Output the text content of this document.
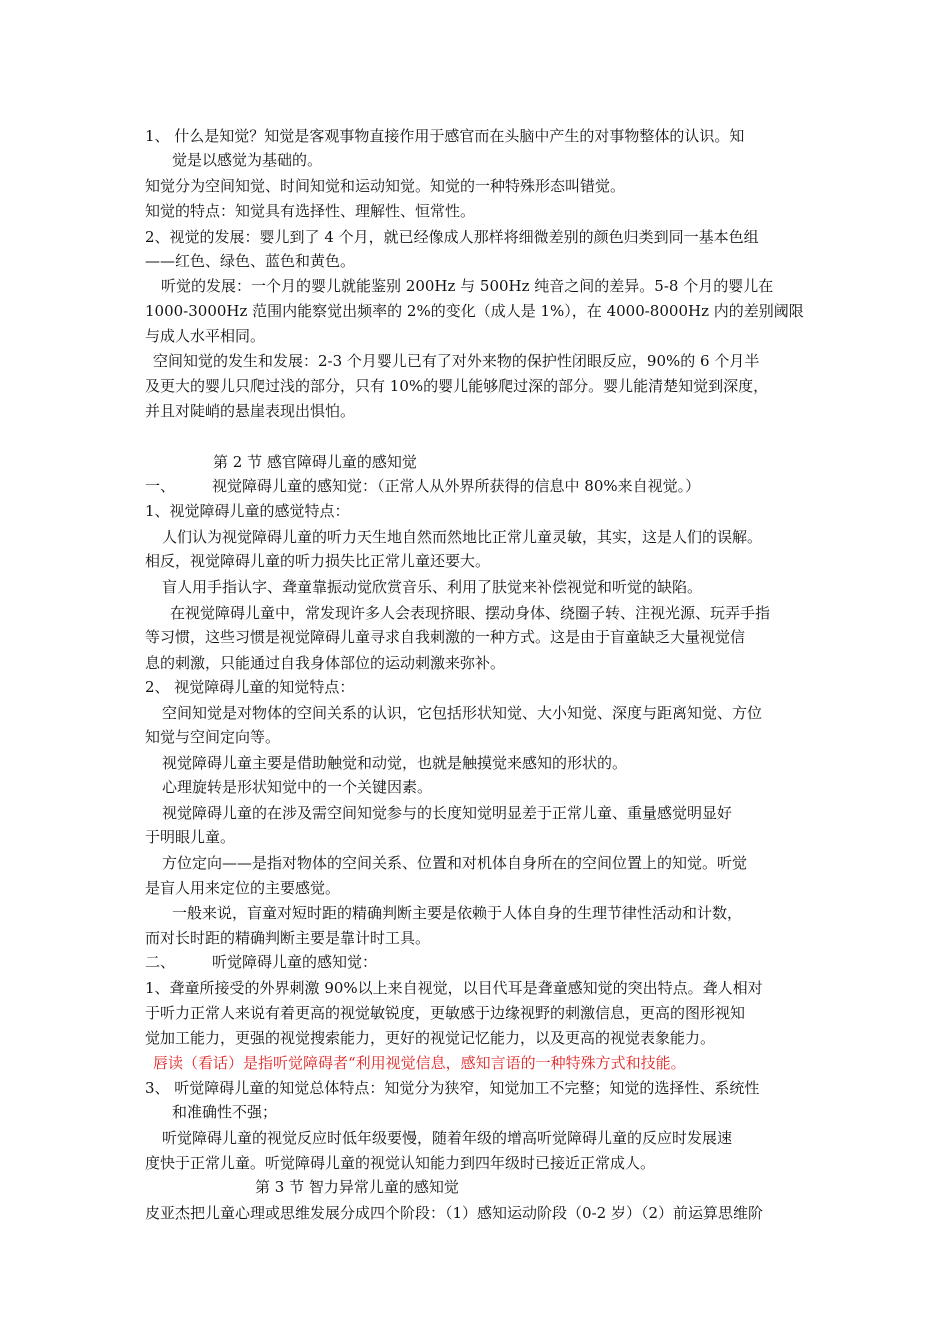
1、 什么是知觉？知觉是客观事物直接作用于感官而在头脑中产生的对事物整体的认识。知
觉是以感觉为基础的。
知觉分为空间知觉、时间知觉和运动知觉。知觉的一种特殊形态叫错觉。
知觉的特点：知觉具有选择性、理解性、恒常性。
2、视觉的发展：婴儿到了 4 个月，就已经像成人那样将细微差别的颜色归类到同一基本色组
——红色、绿色、蓝色和黄色。
听觉的发展：一个月的婴儿就能鉴别 200Hz 与 500Hz 纯音之间的差异。5-8 个月的婴儿在
1000-3000Hz 范围内能察觉出频率的 2%的变化（成人是 1%），在 4000-8000Hz 内的差别阈限
与成人水平相同。
空间知觉的发生和发展：2-3 个月婴儿已有了对外来物的保护性闭眼反应，90%的 6 个月半
及更大的婴儿只爬过浅的部分，只有 10%的婴儿能够爬过深的部分。婴儿能清楚知觉到深度，
并且对陡峭的悬崖表现出惧怕。
第 2 节 感官障碍儿童的感知觉
一、 视觉障碍儿童的感知觉：（正常人从外界所获得的信息中 80%来自视觉。）
1、视觉障碍儿童的感觉特点：
人们认为视觉障碍儿童的听力天生地自然而然地比正常儿童灵敏，其实，这是人们的误解。
相反，视觉障碍儿童的听力损失比正常儿童还要大。
盲人用手指认字、聋童靠振动觉欣赏音乐、利用了肤觉来补偿视觉和听觉的缺陷。
在视觉障碍儿童中，常发现许多人会表现挤眼、摆动身体、绕圈子转、注视光源、玩弄手指
等习惯，这些习惯是视觉障碍儿童寻求自我刺激的一种方式。这是由于盲童缺乏大量视觉信
息的刺激，只能通过自我身体部位的运动刺激来弥补。
2、 视觉障碍儿童的知觉特点：
空间知觉是对物体的空间关系的认识，它包括形状知觉、大小知觉、深度与距离知觉、方位
知觉与空间定向等。
视觉障碍儿童主要是借助触觉和动觉，也就是触摸觉来感知的形状的。
心理旋转是形状知觉中的一个关键因素。
视觉障碍儿童的在涉及需空间知觉参与的长度知觉明显差于正常儿童、重量感觉明显好
于明眼儿童。
方位定向——是指对物体的空间关系、位置和对机体自身所在的空间位置上的知觉。听觉
是盲人用来定位的主要感觉。
一般来说，盲童对短时距的精确判断主要是依赖于人体自身的生理节律性活动和计数，
而对长时距的精确判断主要是靠计时工具。
二、 听觉障碍儿童的感知觉：
1、聋童所接受的外界刺激 90%以上来自视觉，以目代耳是聋童感知觉的突出特点。聋人相对
于听力正常人来说有着更高的视觉敏锐度，更敏感于边缘视野的刺激信息，更高的图形视知
觉加工能力，更强的视觉搜索能力，更好的视觉记忆能力，以及更高的视觉表象能力。
唇读（看话）是指听觉障碍者“利用视觉信息，感知言语的一种特殊方式和技能。
3、 听觉障碍儿童的知觉总体特点：知觉分为狭窄，知觉加工不完整；知觉的选择性、系统性
和准确性不强；
听觉障碍儿童的视觉反应时低年级要慢，随着年级的增高听觉障碍儿童的反应时发展速
度快于正常儿童。听觉障碍儿童的视觉认知能力到四年级时已接近正常成人。
第 3 节 智力异常儿童的感知觉
皮亚杰把儿童心理或思维发展分成四个阶段：（1）感知运动阶段（0-2 岁）（2）前运算思维阶
